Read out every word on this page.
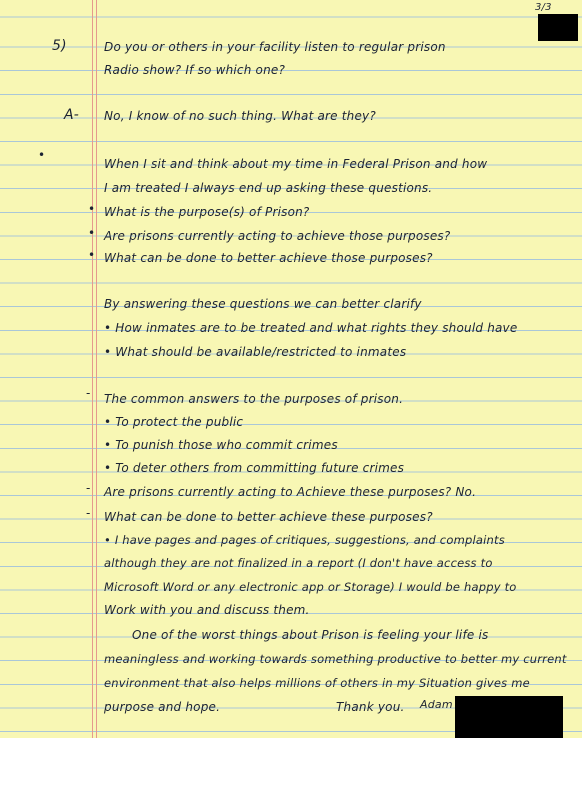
3/3
5)	Do you or others in your facility listen to regular prison
Radio show? If so which one?
A- No, I know of no such thing. What are they?
•
When I sit and think about my time in Federal Prison and how
I am treated I always end up asking these questions.
• What is the purpose(s) of Prison?
• Are prisons currently acting to achieve those purposes?
• What can be done to better achieve those purposes?
By answering these questions we can better clarify
• How inmates are to be treated and what rights they should have
• What should be available/restricted to inmates
- The common answers to the purposes of prison.
• To protect the public
• To punish those who commit crimes
• To deter others from committing future crimes
- Are prisons currently acting to Achieve these purposes? No.
- What can be done to better achieve these purposes?
• I have pages and pages of critiques, suggestions, and complaints
although they are not finalized in a report (I don't have access to
Microsoft Word or any electronic app or Storage) I would be happy to
Work with you and discuss them.
One of the worst things about Prison is feeling your life is
meaningless and working towards something productive to better my current
environment that also helps millions of others in my Situation gives me
purpose and hope.	Thank you. Adam
